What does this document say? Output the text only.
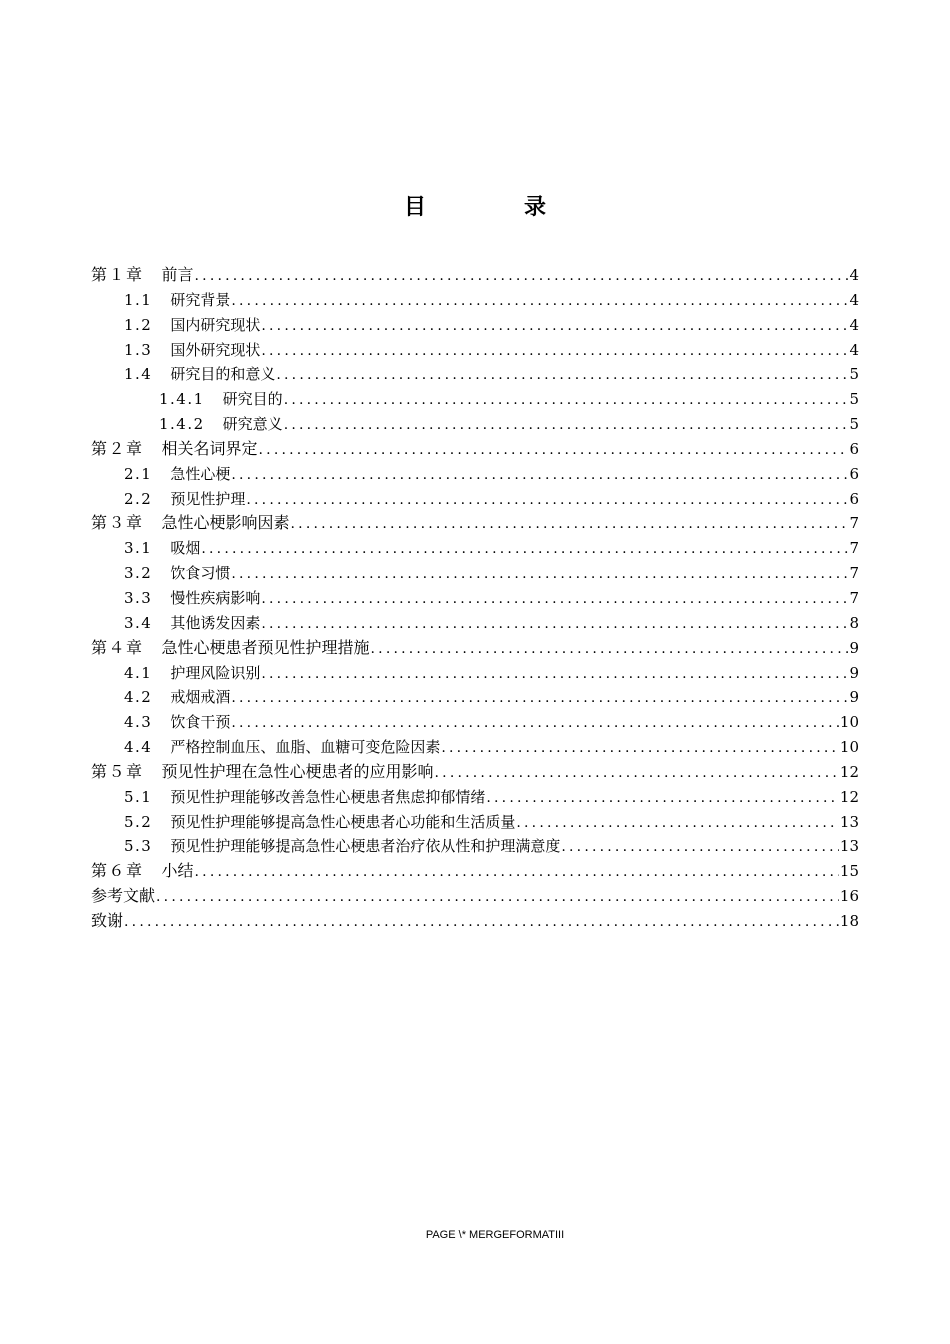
目　录
第１章 前言 .....	4
1.1 研究背景 .....	4
1.2 国内研究现状 .....	4
1.3 国外研究现状 .....	4
1.4 研究目的和意义 .....	5
1.4.1 研究目的 .....	5
1.4.2 研究意义 .....	5
第２章 相关名词界定 .....	6
2.1 急性心梗 .....	6
2.2 预见性护理 .....	6
第３章 急性心梗影响因素 .....	7
3.1 吸烟 .....	7
3.2 饮食习惯 .....	7
3.3 慢性疾病影响 .....	7
3.4 其他诱发因素 .....	8
第４章 急性心梗患者预见性护理措施 .....	9
4.1 护理风险识别 .....	9
4.2 戒烟戒酒 .....	9
4.3 饮食干预 .....	10
4.4 严格控制血压、血脂、血糖可变危险因素 .....	10
第５章 预见性护理在急性心梗患者的应用影响 .....	12
5.1 预见性护理能够改善急性心梗患者焦虑抑郁情绪 .....	12
5.2 预见性护理能够提高急性心梗患者心功能和生活质量 .....	13
5.3 预见性护理能够提高急性心梗患者治疗依从性和护理满意度 .....	13
第６章 小结 .....	15
参考文献 .....	16
致谢 .....	18
PAGE \* MERGEFORMATIII
